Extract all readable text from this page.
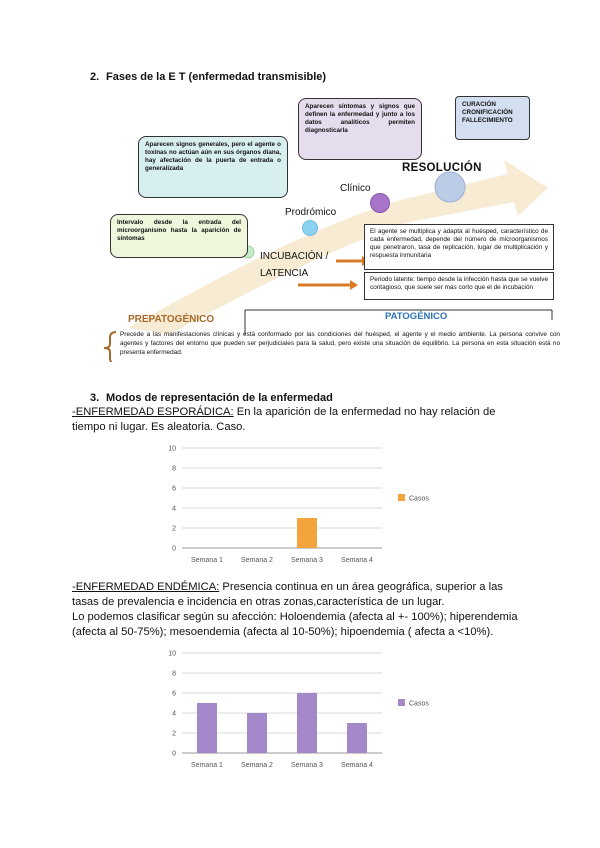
2. Fases de la E T (enfermedad transmisible)
Aparecen síntomas y signos que definen la enfermedad y junto a los datos analíticos permiten diagnosticarla
CURACIÓN
CRONIFICACIÓN
FALLECIMIENTO
Aparecen signos generales, pero el agente o toxinas no actúan aún en sus órganos diana, hay afectación de la puerta de entrada o generalizada
Intervalo desde la entrada del microorganismo hasta la aparición de síntomas
RESOLUCIÓN
Clínico
Prodrómico
INCUBACIÓN /
LATENCIA
El agente se multiplica y adapta al huésped, característico de cada enfermedad, depende del número de microorganismos que penetraron, tasa de replicación, lugar de multiplicación y respuesta inmunitaria
Periodo latente: tiempo desde la infección hasta que se vuelve contagioso, que suele ser mas corto que el de incubación
PATOGÉNICO
PREPATOGÉNICO
Precede a las manifestaciones clínicas y está conformado por las condiciones del huésped, el agente y el medio ambiente. La persona convive con agentes y factores del entorno que pueden ser perjudiciales para la salud, pero existe una situación de equilibrio. La persona en esta situación está no presenta enfermedad.
3. Modos de representación de la enfermedad
-ENFERMEDAD ESPORÁDICA: En la aparición de la enfermedad no hay relación de
tiempo ni lugar. Es aleatoria. Caso.
0
2
4
6
8
10
Semana 1	Semana 2	Semana 3	Semana 4
Casos
-ENFERMEDAD ENDÉMICA: Presencia continua en un área geográfica, superior a las
tasas de prevalencia e incidencia en otras zonas,característica de un lugar.
Lo podemos clasificar según su afección: Holoendemia (afecta al +- 100%); hiperendemia
(afecta al 50-75%); mesoendemia (afecta al 10-50%); hipoendemia ( afecta a <10%).
0
2
4
6
8
10
Semana 1	Semana 2	Semana 3	Semana 4
Casos
